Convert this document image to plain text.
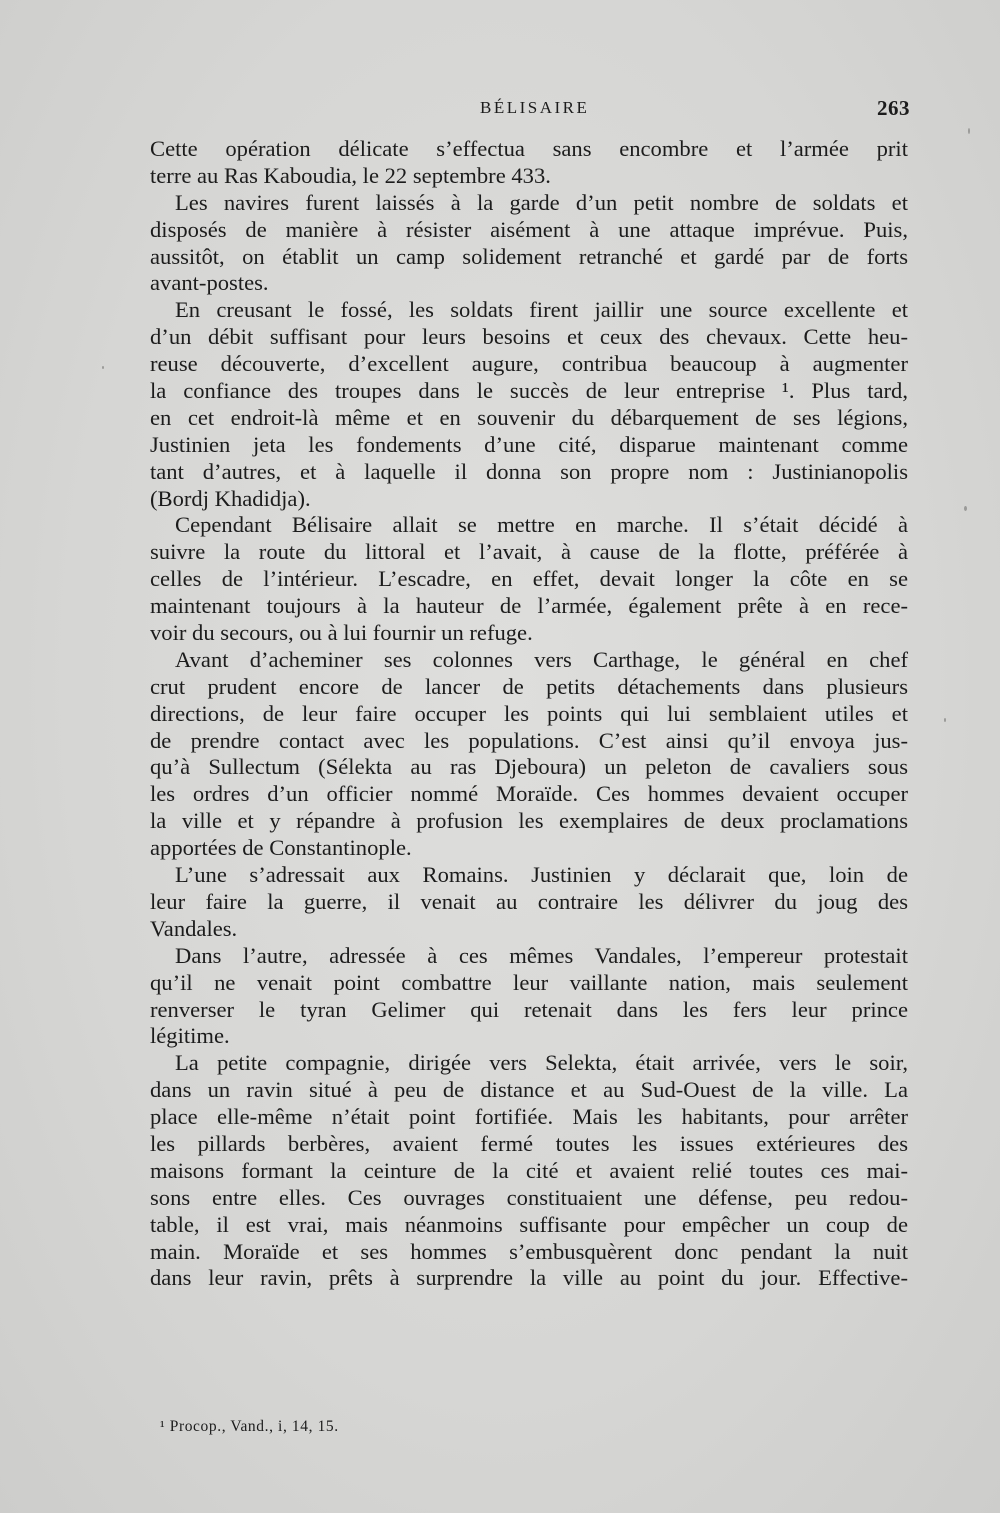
BÉLISAIRE	263
Cette opération délicate s’effectua sans encombre et l’armée prit
terre au Ras Kaboudia, le 22 septembre 433.
Les navires furent laissés à la garde d’un petit nombre de soldats et
disposés de manière à résister aisément à une attaque imprévue. Puis,
aussitôt, on établit un camp solidement retranché et gardé par de forts
avant-postes.
En creusant le fossé, les soldats firent jaillir une source excellente et
d’un débit suffisant pour leurs besoins et ceux des chevaux. Cette heu-
reuse découverte, d’excellent augure, contribua beaucoup à augmenter
la confiance des troupes dans le succès de leur entreprise ¹. Plus tard,
en cet endroit-là même et en souvenir du débarquement de ses légions,
Justinien jeta les fondements d’une cité, disparue maintenant comme
tant d’autres, et à laquelle il donna son propre nom : Justinianopolis
(Bordj Khadidja).
Cependant Bélisaire allait se mettre en marche. Il s’était décidé à
suivre la route du littoral et l’avait, à cause de la flotte, préférée à
celles de l’intérieur. L’escadre, en effet, devait longer la côte en se
maintenant toujours à la hauteur de l’armée, également prête à en rece-
voir du secours, ou à lui fournir un refuge.
Avant d’acheminer ses colonnes vers Carthage, le général en chef
crut prudent encore de lancer de petits détachements dans plusieurs
directions, de leur faire occuper les points qui lui semblaient utiles et
de prendre contact avec les populations. C’est ainsi qu’il envoya jus-
qu’à Sullectum (Sélekta au ras Djeboura) un peleton de cavaliers sous
les ordres d’un officier nommé Moraïde. Ces hommes devaient occuper
la ville et y répandre à profusion les exemplaires de deux proclamations
apportées de Constantinople.
L’une s’adressait aux Romains. Justinien y déclarait que, loin de
leur faire la guerre, il venait au contraire les délivrer du joug des
Vandales.
Dans l’autre, adressée à ces mêmes Vandales, l’empereur protestait
qu’il ne venait point combattre leur vaillante nation, mais seulement
renverser le tyran Gelimer qui retenait dans les fers leur prince
légitime.
La petite compagnie, dirigée vers Selekta, était arrivée, vers le soir,
dans un ravin situé à peu de distance et au Sud-Ouest de la ville. La
place elle-même n’était point fortifiée. Mais les habitants, pour arrêter
les pillards berbères, avaient fermé toutes les issues extérieures des
maisons formant la ceinture de la cité et avaient relié toutes ces mai-
sons entre elles. Ces ouvrages constituaient une défense, peu redou-
table, il est vrai, mais néanmoins suffisante pour empêcher un coup de
main. Moraïde et ses hommes s’embusquèrent donc pendant la nuit
dans leur ravin, prêts à surprendre la ville au point du jour. Effective-
¹ Procop., Vand., i, 14, 15.
